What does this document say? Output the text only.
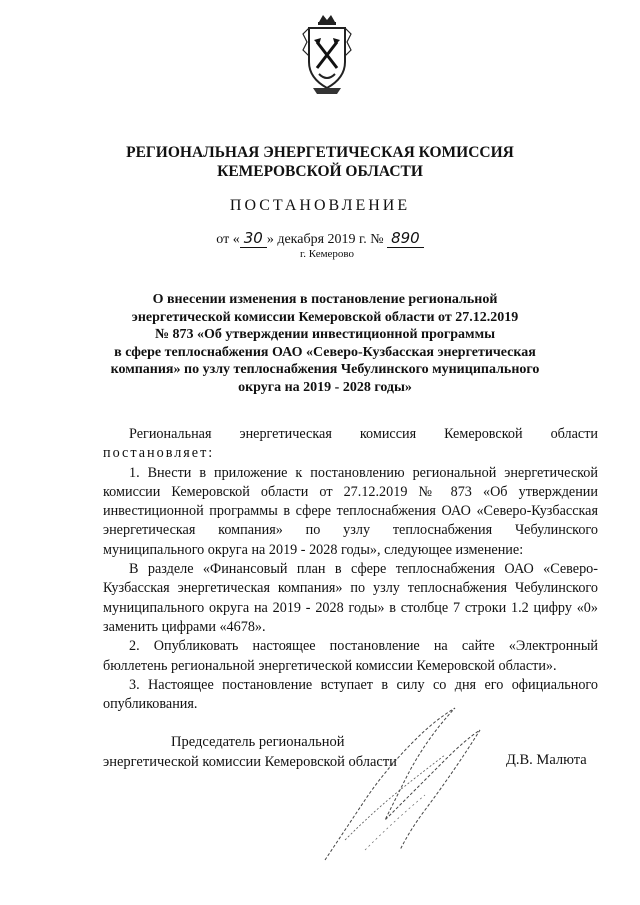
РЕГИОНАЛЬНАЯ ЭНЕРГЕТИЧЕСКАЯ КОМИССИЯ
КЕМЕРОВСКОЙ ОБЛАСТИ
ПОСТАНОВЛЕНИЕ
от « 30 » декабря 2019 г. № 890
г. Кемерово
О внесении изменения в постановление региональной
энергетической комиссии Кемеровской области от 27.12.2019
№ 873 «Об утверждении инвестиционной программы
в сфере теплоснабжения ОАО «Северо-Кузбасская энергетическая
компания» по узлу теплоснабжения Чебулинского муниципального
округа на 2019 - 2028 годы»
Региональная энергетическая комиссия Кемеровской области
постановляет:
1. Внести в приложение к постановлению региональной энергетической комиссии Кемеровской области от 27.12.2019 № 873 «Об утверждении инвестиционной программы в сфере теплоснабжения ОАО «Северо-Кузбасская энергетическая компания» по узлу теплоснабжения Чебулинского муниципального округа на 2019 - 2028 годы», следующее изменение:
В разделе «Финансовый план в сфере теплоснабжения ОАО «Северо-Кузбасская энергетическая компания» по узлу теплоснабжения Чебулинского муниципального округа на 2019 - 2028 годы» в столбце 7 строки 1.2 цифру «0» заменить цифрами «4678».
2. Опубликовать настоящее постановление на сайте «Электронный бюллетень региональной энергетической комиссии Кемеровской области».
3. Настоящее постановление вступает в силу со дня его официального опубликования.
Председатель региональной
энергетической комиссии Кемеровской области	Д.В. Малюта
